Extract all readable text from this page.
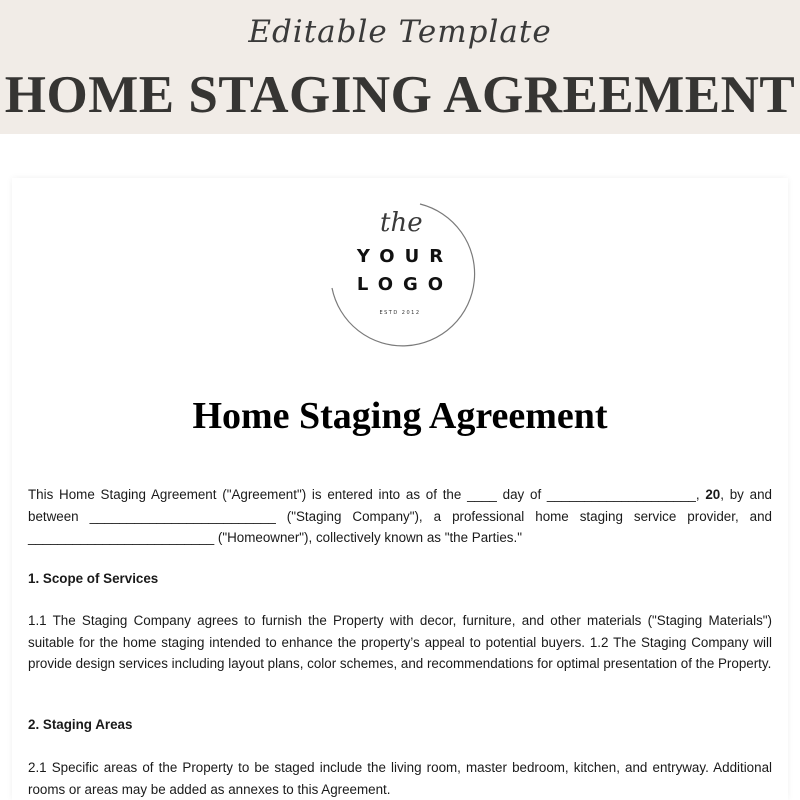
Editable Template
HOME STAGING AGREEMENT
the
YOUR
LOGO
ESTD 2012
Home Staging Agreement
This Home Staging Agreement ("Agreement") is entered into as of the ____ day of ____________________, 20, by and between _________________________ ("Staging Company"), a professional home staging service provider, and _________________________ ("Homeowner"), collectively known as "the Parties."
1. Scope of Services
1.1 The Staging Company agrees to furnish the Property with decor, furniture, and other materials ("Staging Materials") suitable for the home staging intended to enhance the property’s appeal to potential buyers. 1.2 The Staging Company will provide design services including layout plans, color schemes, and recommendations for optimal presentation of the Property.
2. Staging Areas
2.1 Specific areas of the Property to be staged include the living room, master bedroom, kitchen, and entryway. Additional rooms or areas may be added as annexes to this Agreement.
